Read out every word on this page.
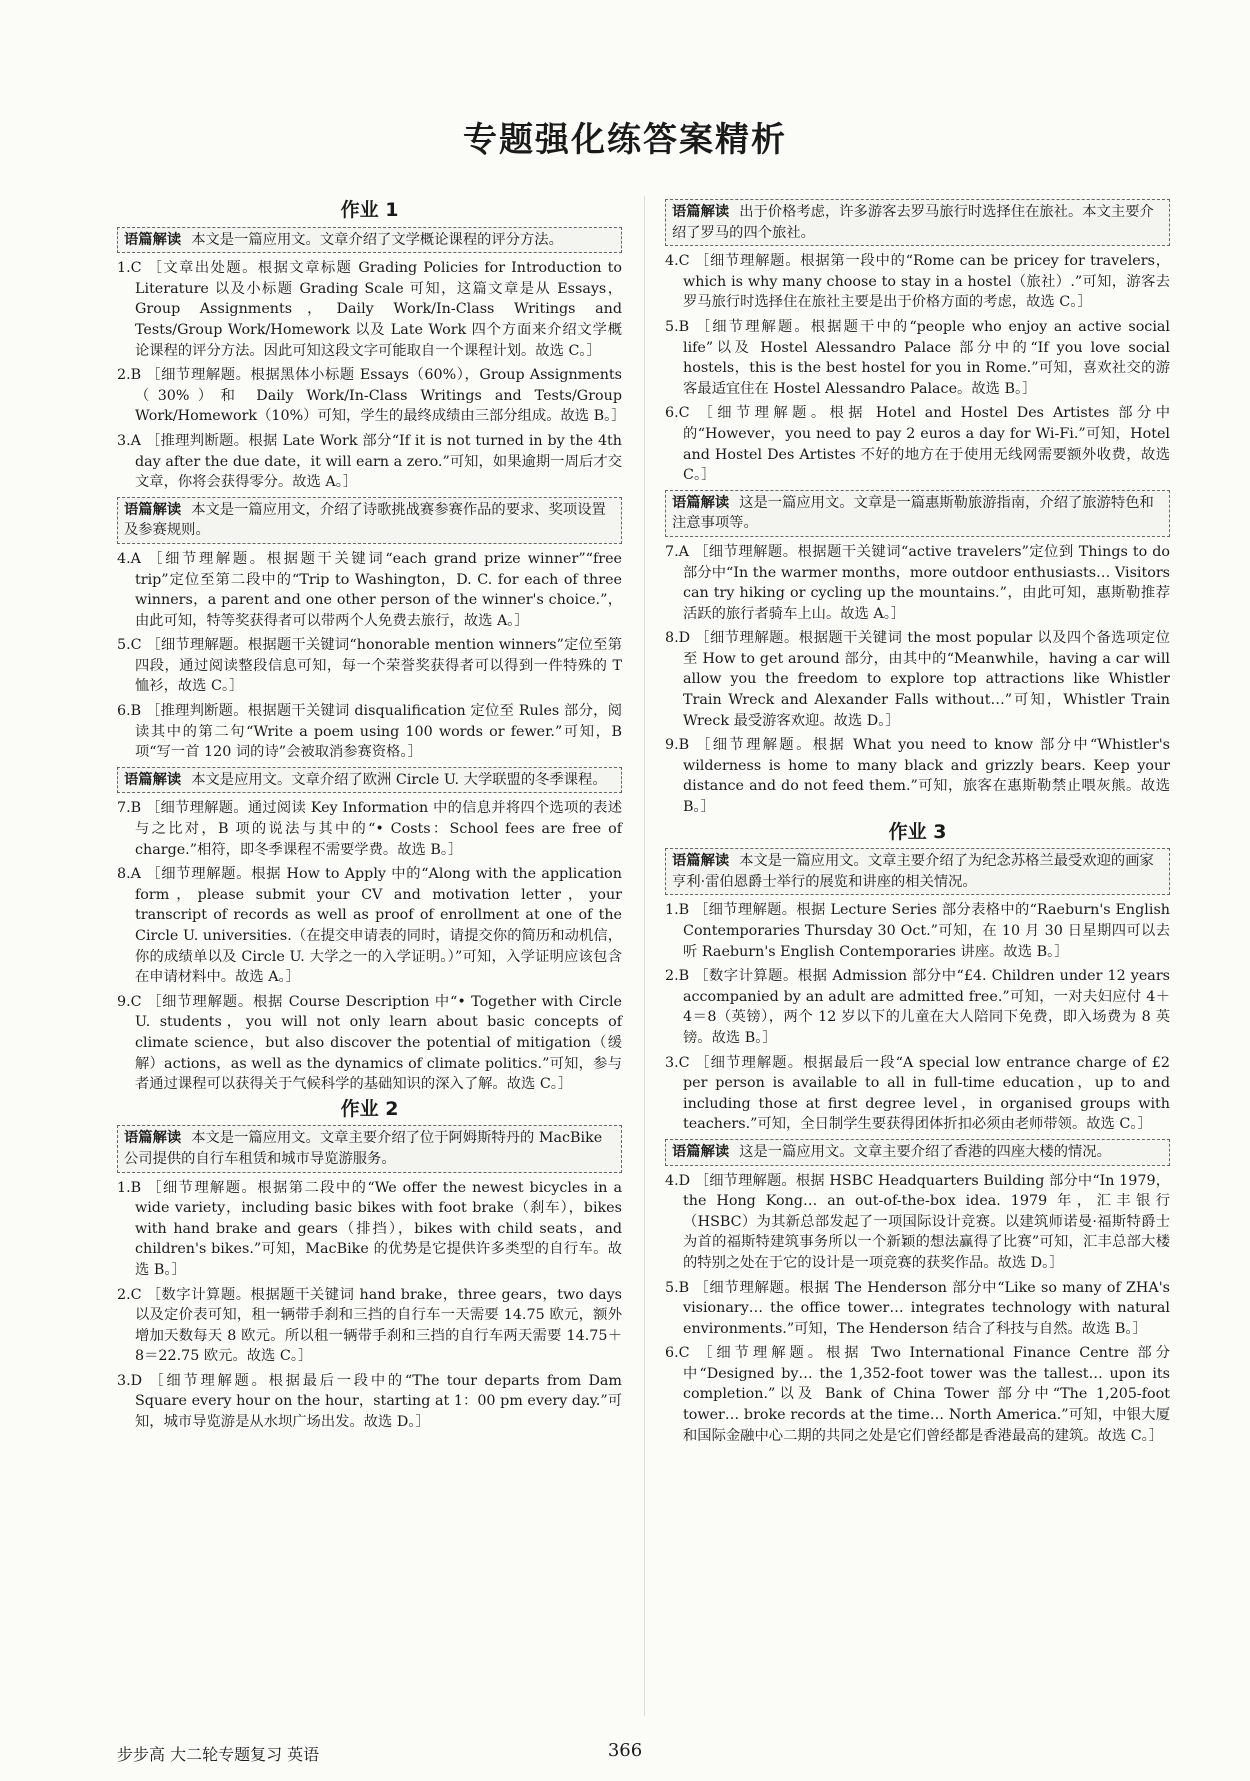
专题强化练答案精析
作业 1
语篇解读 本文是一篇应用文。文章介绍了文学概论课程的评分方法。
1.C ［文章出处题。根据文章标题 Grading Policies for Introduction to Literature 以及小标题 Grading Scale 可知，这篇文章是从 Essays，Group Assignments，Daily Work/In-Class Writings and Tests/Group Work/Homework 以及 Late Work 四个方面来介绍文学概论课程的评分方法。因此可知这段文字可能取自一个课程计划。故选 C。］
2.B ［细节理解题。根据黑体小标题 Essays（60%），Group Assignments（30%）和 Daily Work/In-Class Writings and Tests/Group Work/Homework（10%）可知，学生的最终成绩由三部分组成。故选 B。］
3.A ［推理判断题。根据 Late Work 部分“If it is not turned in by the 4th day after the due date，it will earn a zero.”可知，如果逾期一周后才交文章，你将会获得零分。故选 A。］
语篇解读 本文是一篇应用文，介绍了诗歌挑战赛参赛作品的要求、奖项设置及参赛规则。
4.A ［细节理解题。根据题干关键词“each grand prize winner”“free trip”定位至第二段中的“Trip to Washington，D. C. for each of three winners，a parent and one other person of the winner's choice.”，由此可知，特等奖获得者可以带两个人免费去旅行，故选 A。］
5.C ［细节理解题。根据题干关键词“honorable mention winners”定位至第四段，通过阅读整段信息可知，每一个荣誉奖获得者可以得到一件特殊的 T 恤衫，故选 C。］
6.B ［推理判断题。根据题干关键词 disqualification 定位至 Rules 部分，阅读其中的第二句“Write a poem using 100 words or fewer.”可知，B 项“写一首 120 词的诗”会被取消参赛资格。］
语篇解读 本文是应用文。文章介绍了欧洲 Circle U. 大学联盟的冬季课程。
7.B ［细节理解题。通过阅读 Key Information 中的信息并将四个选项的表述与之比对，B 项的说法与其中的“• Costs：School fees are free of charge.”相符，即冬季课程不需要学费。故选 B。］
8.A ［细节理解题。根据 How to Apply 中的“Along with the application form，please submit your CV and motivation letter，your transcript of records as well as proof of enrollment at one of the Circle U. universities.（在提交申请表的同时，请提交你的简历和动机信，你的成绩单以及 Circle U. 大学之一的入学证明。）”可知，入学证明应该包含在申请材料中。故选 A。］
9.C ［细节理解题。根据 Course Description 中“• Together with Circle U. students，you will not only learn about basic concepts of climate science，but also discover the potential of mitigation（缓解）actions，as well as the dynamics of climate politics.”可知，参与者通过课程可以获得关于气候科学的基础知识的深入了解。故选 C。］
作业 2
语篇解读 本文是一篇应用文。文章主要介绍了位于阿姆斯特丹的 MacBike 公司提供的自行车租赁和城市导览游服务。
1.B ［细节理解题。根据第二段中的“We offer the newest bicycles in a wide variety，including basic bikes with foot brake（刹车），bikes with hand brake and gears（排挡），bikes with child seats，and children's bikes.”可知，MacBike 的优势是它提供许多类型的自行车。故选 B。］
2.C ［数字计算题。根据题干关键词 hand brake，three gears，two days 以及定价表可知，租一辆带手刹和三挡的自行车一天需要 14.75 欧元，额外增加天数每天 8 欧元。所以租一辆带手刹和三挡的自行车两天需要 14.75＋8＝22.75 欧元。故选 C。］
3.D ［细节理解题。根据最后一段中的“The tour departs from Dam Square every hour on the hour，starting at 1：00 pm every day.”可知，城市导览游是从水坝广场出发。故选 D。］
语篇解读 出于价格考虑，许多游客去罗马旅行时选择住在旅社。本文主要介绍了罗马的四个旅社。
4.C ［细节理解题。根据第一段中的“Rome can be pricey for travelers，which is why many choose to stay in a hostel（旅社）.”可知，游客去罗马旅行时选择住在旅社主要是出于价格方面的考虑，故选 C。］
5.B ［细节理解题。根据题干中的“people who enjoy an active social life”以及 Hostel Alessandro Palace 部分中的“If you love social hostels，this is the best hostel for you in Rome.”可知，喜欢社交的游客最适宜住在 Hostel Alessandro Palace。故选 B。］
6.C ［细节理解题。根据 Hotel and Hostel Des Artistes 部分中的“However，you need to pay 2 euros a day for Wi-Fi.”可知，Hotel and Hostel Des Artistes 不好的地方在于使用无线网需要额外收费，故选 C。］
语篇解读 这是一篇应用文。文章是一篇惠斯勒旅游指南，介绍了旅游特色和注意事项等。
7.A ［细节理解题。根据题干关键词“active travelers”定位到 Things to do 部分中“In the warmer months，more outdoor enthusiasts… Visitors can try hiking or cycling up the mountains.”，由此可知，惠斯勒推荐活跃的旅行者骑车上山。故选 A。］
8.D ［细节理解题。根据题干关键词 the most popular 以及四个备选项定位至 How to get around 部分，由其中的“Meanwhile，having a car will allow you the freedom to explore top attractions like Whistler Train Wreck and Alexander Falls without…”可知，Whistler Train Wreck 最受游客欢迎。故选 D。］
9.B ［细节理解题。根据 What you need to know 部分中“Whistler's wilderness is home to many black and grizzly bears. Keep your distance and do not feed them.”可知，旅客在惠斯勒禁止喂灰熊。故选 B。］
作业 3
语篇解读 本文是一篇应用文。文章主要介绍了为纪念苏格兰最受欢迎的画家亨利·雷伯恩爵士举行的展览和讲座的相关情况。
1.B ［细节理解题。根据 Lecture Series 部分表格中的“Raeburn's English Contemporaries Thursday 30 Oct.”可知，在 10 月 30 日星期四可以去听 Raeburn's English Contemporaries 讲座。故选 B。］
2.B ［数字计算题。根据 Admission 部分中“£4. Children under 12 years accompanied by an adult are admitted free.”可知，一对夫妇应付 4＋4＝8（英镑），两个 12 岁以下的儿童在大人陪同下免费，即入场费为 8 英镑。故选 B。］
3.C ［细节理解题。根据最后一段“A special low entrance charge of £2 per person is available to all in full-time education，up to and including those at first degree level，in organised groups with teachers.”可知，全日制学生要获得团体折扣必须由老师带领。故选 C。］
语篇解读 这是一篇应用文。文章主要介绍了香港的四座大楼的情况。
4.D ［细节理解题。根据 HSBC Headquarters Building 部分中“In 1979，the Hong Kong… an out-of-the-box idea. 1979 年，汇丰银行（HSBC）为其新总部发起了一项国际设计竞赛。以建筑师诺曼·福斯特爵士为首的福斯特建筑事务所以一个新颖的想法赢得了比赛”可知，汇丰总部大楼的特别之处在于它的设计是一项竞赛的获奖作品。故选 D。］
5.B ［细节理解题。根据 The Henderson 部分中“Like so many of ZHA's visionary… the office tower… integrates technology with natural environments.”可知，The Henderson 结合了科技与自然。故选 B。］
6.C ［细节理解题。根据 Two International Finance Centre 部分中“Designed by… the 1,352-foot tower was the tallest… upon its completion.”以及 Bank of China Tower 部分中“The 1,205-foot tower… broke records at the time… North America.”可知，中银大厦和国际金融中心二期的共同之处是它们曾经都是香港最高的建筑。故选 C。］
步步高 大二轮专题复习 英语	366
